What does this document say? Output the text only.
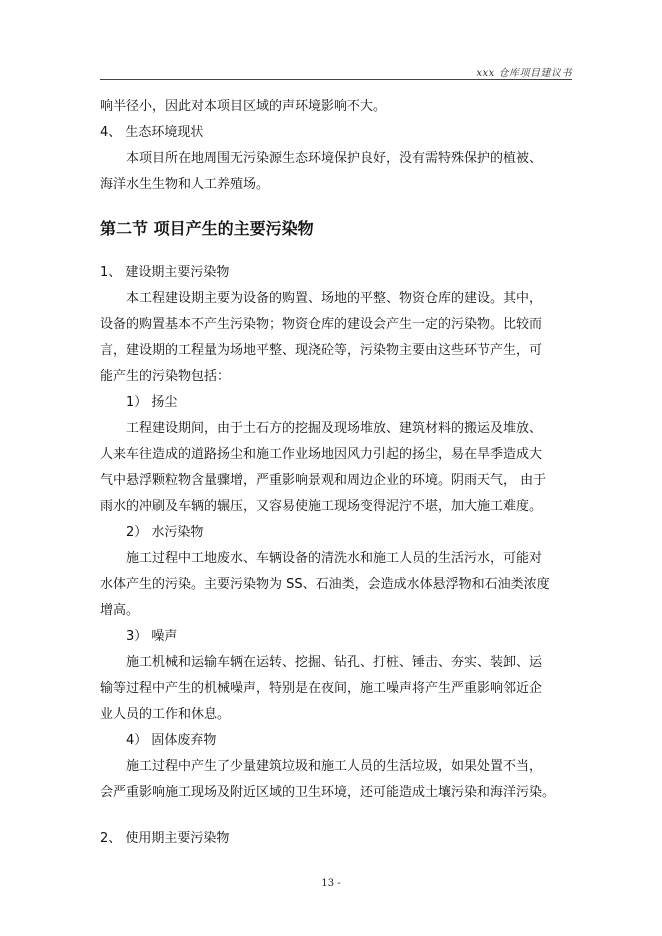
xxx 仓库项目建议书
响半径小，因此对本项目区域的声环境影响不大。
4、 生态环境现状
本项目所在地周围无污染源生态环境保护良好，没有需特殊保护的植被、
海洋水生生物和人工养殖场。
第二节 项目产生的主要污染物
1、 建设期主要污染物
本工程建设期主要为设备的购置、场地的平整、物资仓库的建设。其中，
设备的购置基本不产生污染物；物资仓库的建设会产生一定的污染物。比较而
言，建设期的工程量为场地平整、现浇砼等，污染物主要由这些环节产生，可
能产生的污染物包括：
1） 扬尘
工程建设期间，由于土石方的挖掘及现场堆放、建筑材料的搬运及堆放、
人来车往造成的道路扬尘和施工作业场地因风力引起的扬尘，易在旱季造成大
气中悬浮颗粒物含量骤增，严重影响景观和周边企业的环境。阴雨天气， 由于
雨水的冲刷及车辆的辗压，又容易使施工现场变得泥泞不堪，加大施工难度。
2） 水污染物
施工过程中工地废水、车辆设备的清洗水和施工人员的生活污水，可能对
水体产生的污染。主要污染物为 SS、石油类，会造成水体悬浮物和石油类浓度
增高。
3） 噪声
施工机械和运输车辆在运转、挖掘、钻孔、打桩、锤击、夯实、装卸、运
输等过程中产生的机械噪声，特别是在夜间，施工噪声将产生严重影响邻近企
业人员的工作和休息。
4） 固体废弃物
施工过程中产生了少量建筑垃圾和施工人员的生活垃圾，如果处置不当，
会严重影响施工现场及附近区域的卫生环境，还可能造成土壤污染和海洋污染。
2、 使用期主要污染物
13 -
